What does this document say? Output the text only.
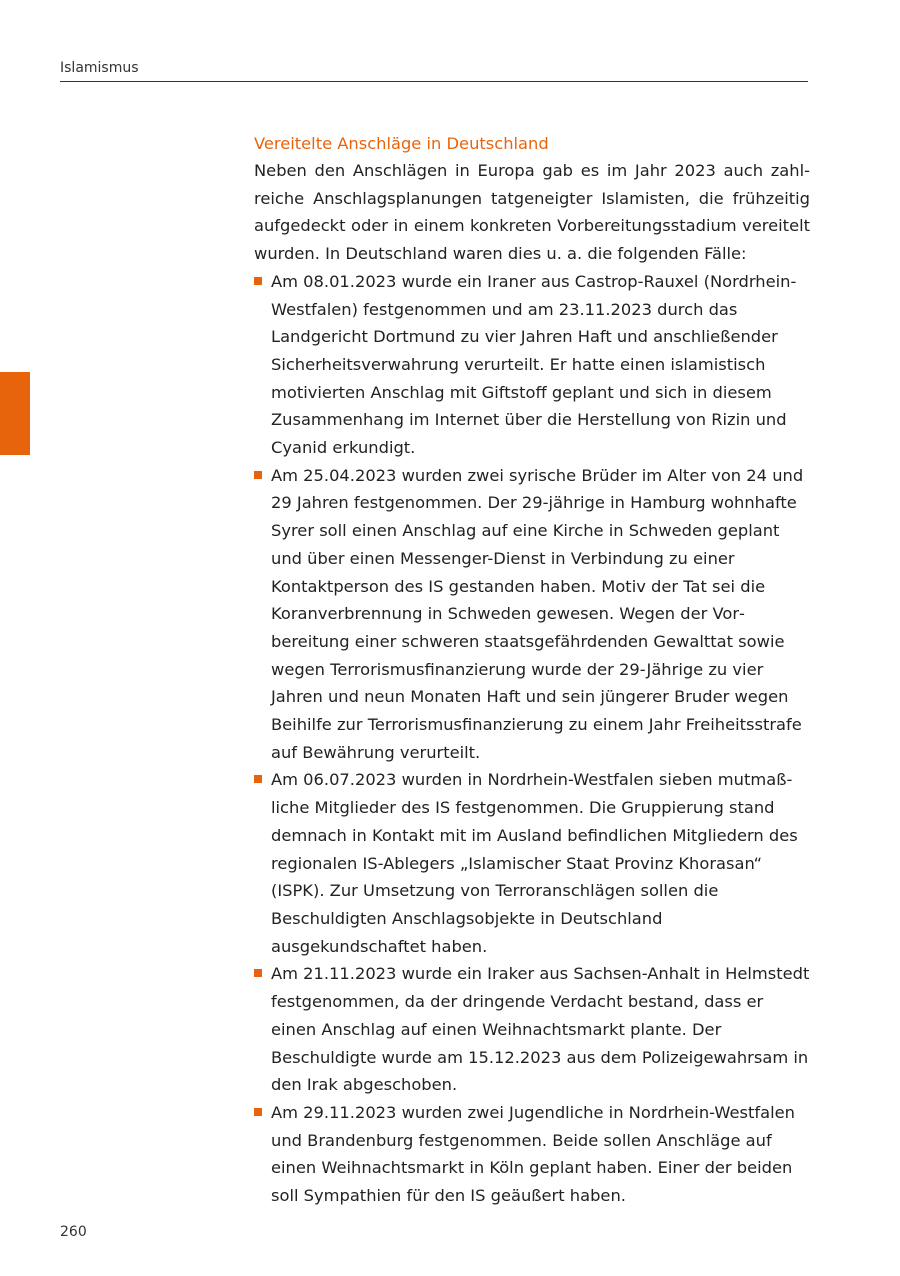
Islamismus
Vereitelte Anschläge in Deutschland

Neben den Anschlägen in Europa gab es im Jahr 2023 auch zahlreiche Anschlagsplanungen tatgeneigter Islamisten, die frühzeitig aufgedeckt oder in einem konkreten Vorbereitungsstadium vereitelt wurden. In Deutschland waren dies u. a. die folgenden Fälle:

Am 08.01.2023 wurde ein Iraner aus Castrop-Rauxel (Nordrhein-Westfalen) festgenommen und am 23.11.2023 durch das Landgericht Dortmund zu vier Jahren Haft und anschließender Sicherheitsverwahrung verurteilt. Er hatte einen islamistisch motivierten Anschlag mit Giftstoff geplant und sich in diesem Zusammenhang im Internet über die Herstellung von Rizin und Cyanid erkundigt.
Am 25.04.2023 wurden zwei syrische Brüder im Alter von 24 und 29 Jahren festgenommen. Der 29-jährige in Hamburg wohnhafte Syrer soll einen Anschlag auf eine Kirche in Schweden geplant und über einen Messenger-Dienst in Verbindung zu einer Kontaktperson des IS gestanden haben. Motiv der Tat sei die Koranverbrennung in Schweden gewesen. Wegen der Vorbereitung einer schweren staatsgefährdenden Gewalttat sowie wegen Terrorismusfinanzierung wurde der 29-Jährige zu vier Jahren und neun Monaten Haft und sein jüngerer Bruder wegen Beihilfe zur Terrorismusfinanzierung zu einem Jahr Freiheitsstrafe auf Bewährung verurteilt.
Am 06.07.2023 wurden in Nordrhein-Westfalen sieben mutmaßliche Mitglieder des IS festgenommen. Die Gruppierung stand demnach in Kontakt mit im Ausland befindlichen Mitgliedern des regionalen IS-Ablegers „Islamischer Staat Provinz Khorasan“ (ISPK). Zur Umsetzung von Terroranschlägen sollen die Beschuldigten Anschlagsobjekte in Deutschland ausgekundschaftet haben.
Am 21.11.2023 wurde ein Iraker aus Sachsen-Anhalt in Helmstedt festgenommen, da der dringende Verdacht bestand, dass er einen Anschlag auf einen Weihnachtsmarkt plante. Der Beschuldigte wurde am 15.12.2023 aus dem Polizeigewahrsam in den Irak abgeschoben.
Am 29.11.2023 wurden zwei Jugendliche in Nordrhein-Westfalen und Brandenburg festgenommen. Beide sollen Anschläge auf einen Weihnachtsmarkt in Köln geplant haben. Einer der beiden soll Sympathien für den IS geäußert haben.
260
